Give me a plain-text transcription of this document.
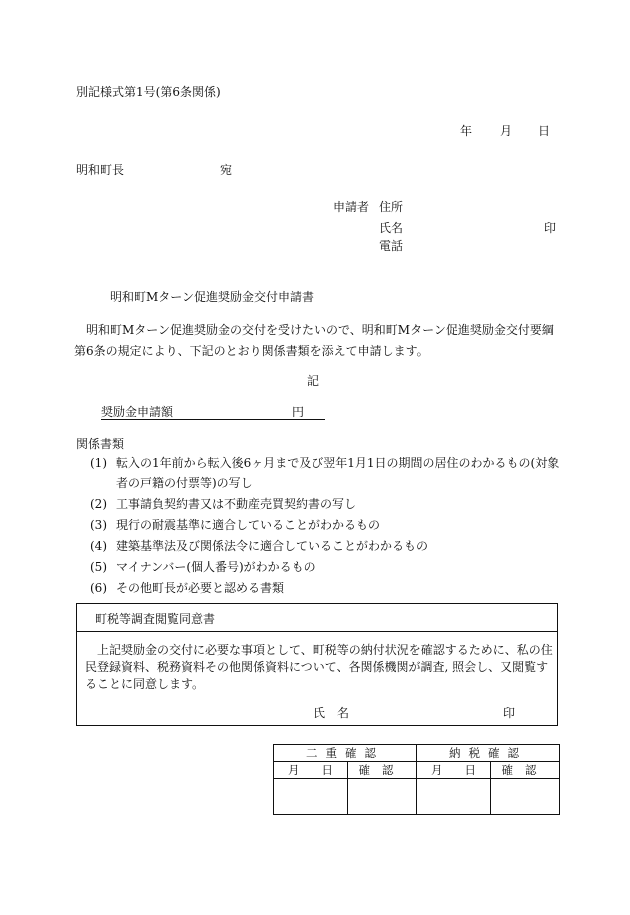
別記様式第1号(第6条関係)
年 月 日
明和町長	宛
申請者 住所
氏名	印
電話
明和町Mターン促進奨励金交付申請書
明和町Mターン促進奨励金の交付を受けたいので、明和町Mターン促進奨励金交付要綱第6条の規定により、下記のとおり関係書類を添えて申請します。
記
奨励金申請額	円
関係書類
(1) 転入の1年前から転入後6ヶ月まで及び翌年1月1日の期間の居住のわかるもの(対象者の戸籍の付票等)の写し
(2) 工事請負契約書又は不動産売買契約書の写し
(3) 現行の耐震基準に適合していることがわかるもの
(4) 建築基準法及び関係法令に適合していることがわかるもの
(5) マイナンバー(個人番号)がわかるもの
(6) その他町長が必要と認める書類
町税等調査閲覧同意書
上記奨励金の交付に必要な事項として、町税等の納付状況を確認するために、私の住民登録資料、税務資料その他関係資料について、各関係機関が調査, 照会し、又閲覧することに同意します。
氏　名	印
二重確認		納税確認	
月 日	確認	月 日	確認
